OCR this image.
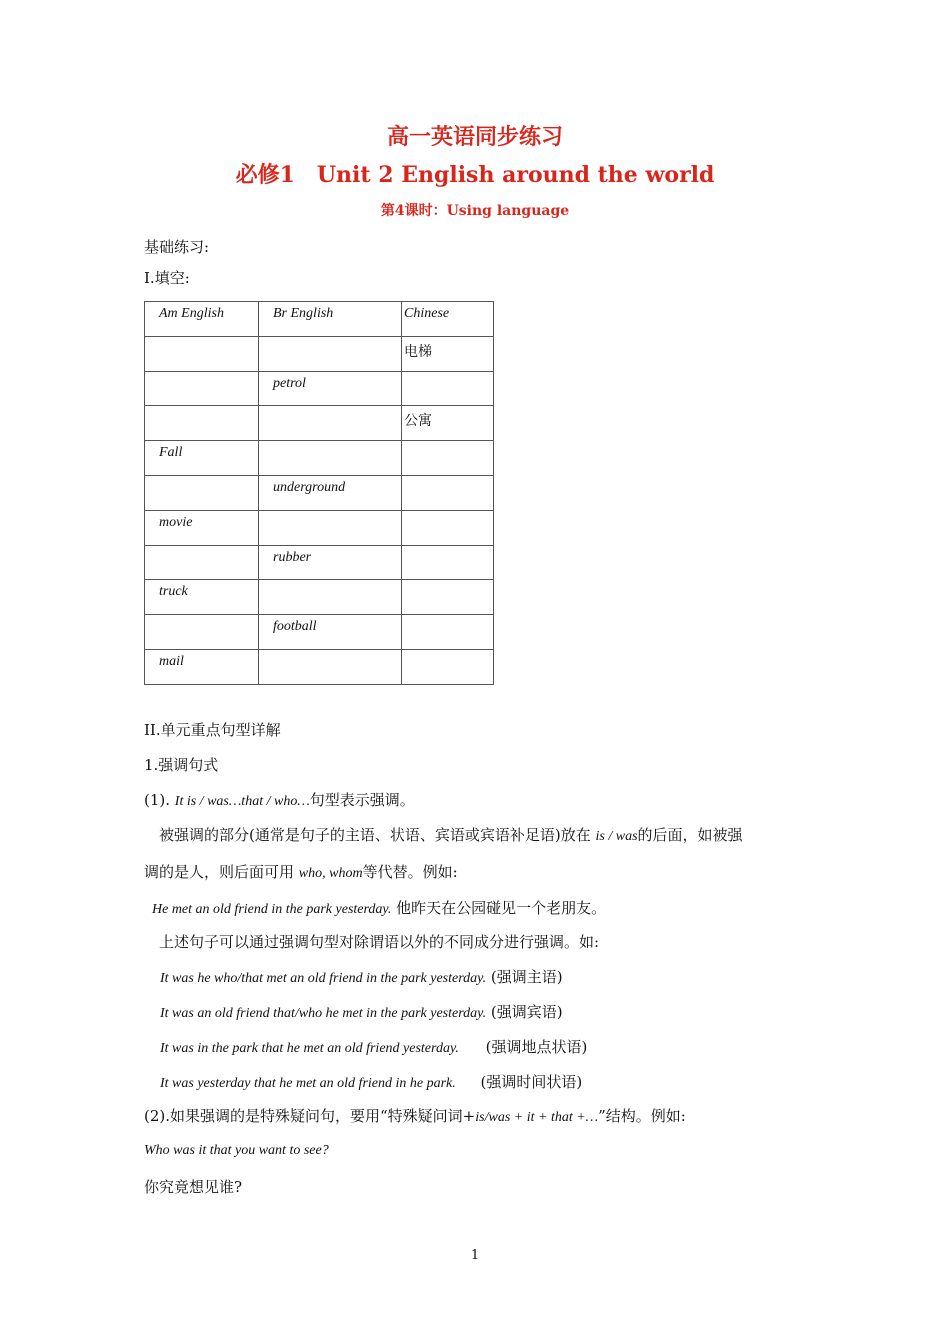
高一英语同步练习
必修1　Unit 2 English around the world
第4课时：Using language
基础练习:
I.填空:
Am English	Br English	Chinese

		电梯

	petrol	

		公寓

Fall		

	underground	

movie		

	rubber	

truck		

	football	

mail		

II.单元重点句型详解
1.强调句式
(1). It is / was…that / who…句型表示强调。
被强调的部分(通常是句子的主语、状语、宾语或宾语补足语)放在 is / was的后面，如被强
调的是人，则后面可用 who, whom等代替。例如:
He met an old friend in the park yesterday. 他昨天在公园碰见一个老朋友。
上述句子可以通过强调句型对除谓语以外的不同成分进行强调。如:
It was he who/that met an old friend in the park yesterday. (强调主语)
It was an old friend that/who he met in the park yesterday. (强调宾语)
It was in the park that he met an old friend yesterday. (强调地点状语)
It was yesterday that he met an old friend in he park. (强调时间状语)
(2).如果强调的是特殊疑问句，要用“特殊疑问词+is/was + it + that +…”结构。例如:
Who was it that you want to see?
你究竟想见谁?
1
